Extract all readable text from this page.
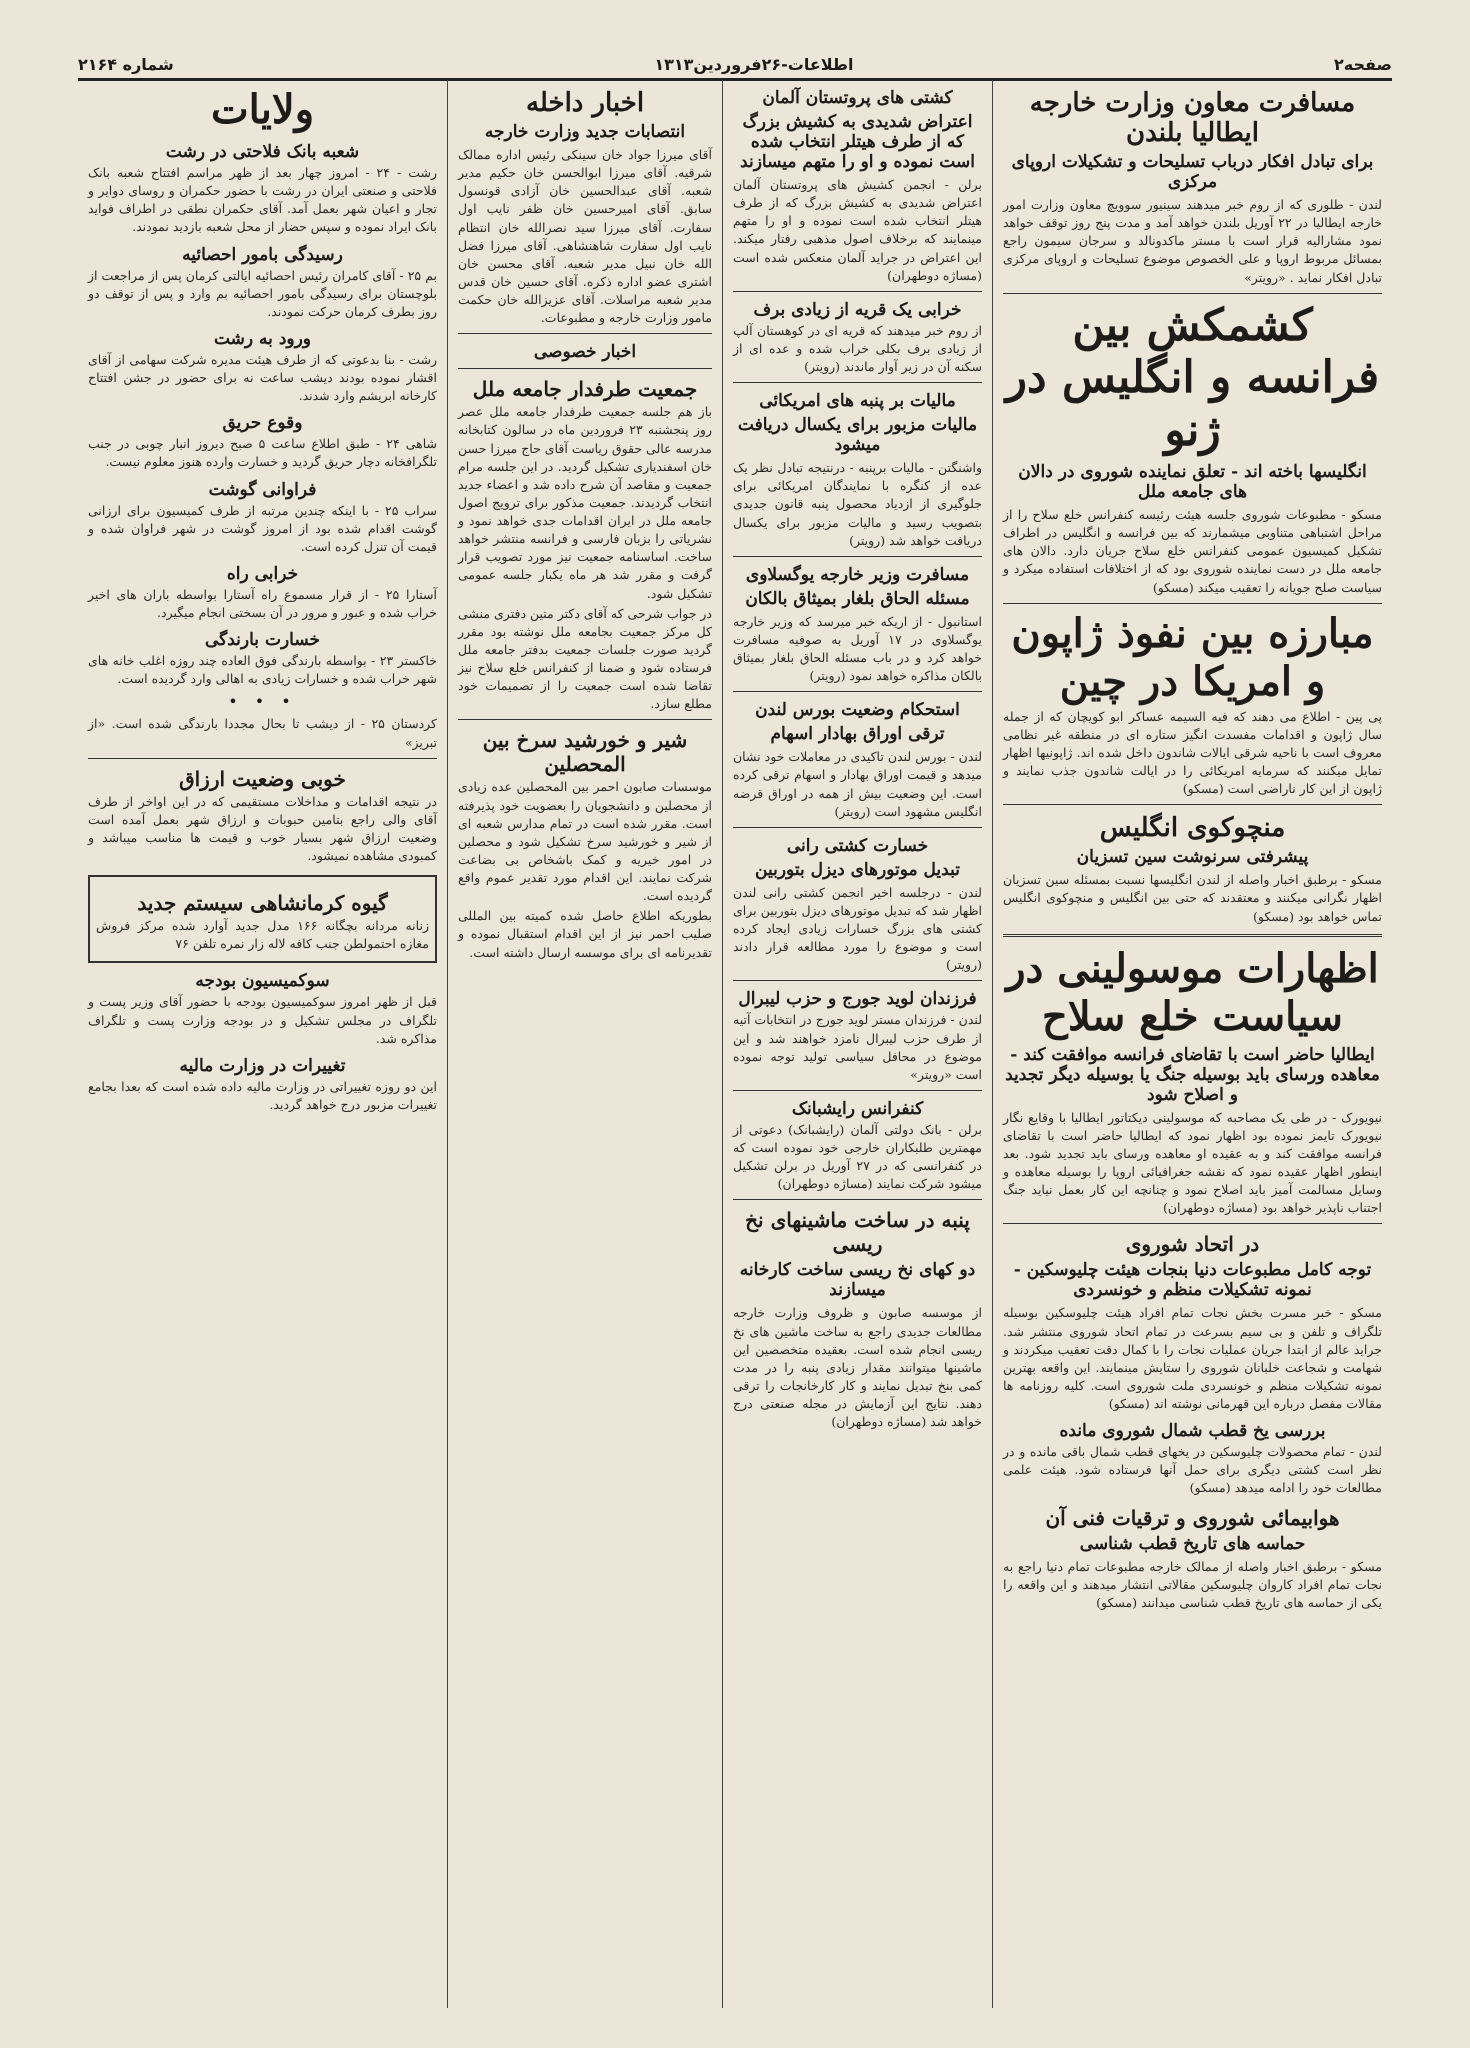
صفحه۲
اطلاعات-۲۶فروردین۱۳۱۳
شماره ۲۱۶۴
مسافرت معاون وزارت خارجه ایطالیا بلندن
برای تبادل افکار درباب تسلیحات و تشکیلات اروپای مرکزی

لندن - طلوری که از روم خبر میدهند سینیور سوویچ معاون وزارت امور خارجه ایطالیا در ۲۲ آوریل بلندن خواهد آمد و مدت پنج روز توقف خواهد نمود مشارالیه قرار است با مستر ماکدونالد و سرجان سیمون راجع بمسائل مربوط اروپا و علی الخصوص موضوع تسلیحات و اروپای مرکزی تبادل افکار نماید . «رویتر»

کشمکش بین فرانسه و انگلیس در ژنو
انگلیسها باخته اند - تعلق نماینده شوروی در دالان های جامعه ملل

مسکو - مطبوعات شوروی جلسه هیئت رئیسه کنفرانس خلع سلاح را از مراحل اشتباهی متناوبی میشمارند که بین فرانسه و انگلیس در اطراف تشکیل کمیسیون عمومی کنفرانس خلع سلاح جریان دارد. دالان های جامعه ملل در دست نماینده شوروی بود که از اختلافات استفاده میکرد و سیاست صلح جویانه را تعقیب میکند (مسکو)

مبارزه بین نفوذ ژاپون و امریکا در چین

پی پین - اطلاع می دهند که فیه السیمه عساکر ابو کویچان که از جمله سال ژاپون و اقدامات مفسدت انگیز ستاره ای در منطقه غیر نظامی معروف است با ناحیه شرقی ایالات شاندون داخل شده اند. ژاپونیها اظهار تمایل میکنند که سرمایه امریکائی را در ایالت شاندون جذب نمایند و ژاپون از این کار ناراضی است (مسکو)

منچوکوی انگلیس
پیشرفتی سرنوشت سین تسزیان

مسکو - برطبق اخبار واصله از لندن انگلیسها نسبت بمسئله سین تسزیان اظهار نگرانی میکنند و معتقدند که حتی بین انگلیس و منچوکوی انگلیس تماس خواهد بود (مسکو)

اظهارات موسولینی در سیاست خلع سلاح
ایطالیا حاضر است با تقاضای فرانسه موافقت کند - معاهده ورسای باید بوسیله جنگ یا بوسیله دیگر تجدید و اصلاح شود

نیویورک - در طی یک مصاحبه که موسولینی دیکتاتور ایطالیا با وقایع نگار نیویورک تایمز نموده بود اظهار نمود که ایطالیا حاضر است با تقاضای فرانسه موافقت کند و به عقیده او معاهده ورسای باید تجدید شود. بعد اینطور اظهار عقیده نمود که نقشه جغرافیائی اروپا را بوسیله معاهده و وسایل مسالمت آمیز باید اصلاح نمود و چنانچه این کار بعمل نیاید جنگ اجتناب ناپذیر خواهد بود (مساژه دوطهران)

در اتحاد شوروی
توجه کامل مطبوعات دنیا بنجات هیئت چلیوسکین - نمونه تشکیلات منظم و خونسردی

مسکو - خبر مسرت بخش نجات تمام افراد هیئت چلیوسکین بوسیله تلگراف و تلفن و بی سیم بسرعت در تمام اتحاد شوروی منتشر شد. جراید عالم از ابتدا جریان عملیات نجات را با کمال دقت تعقیب میکردند و شهامت و شجاعت خلبانان شوروی را ستایش مینمایند. این واقعه بهترین نمونه تشکیلات منظم و خونسردی ملت شوروی است. کلیه روزنامه ها مقالات مفصل درباره این قهرمانی نوشته اند (مسکو)

بررسی یخ قطب شمال شوروی مانده

لندن - تمام محصولات چلیوسکین در یخهای قطب شمال باقی مانده و در نظر است کشتی دیگری برای حمل آنها فرستاده شود. هیئت علمی مطالعات خود را ادامه میدهد (مسکو)

هوابیمائی شوروی و ترقیات فنی آن
حماسه های تاریخ قطب شناسی

مسکو - برطبق اخبار واصله از ممالک خارجه مطبوعات تمام دنیا راجع به نجات تمام افراد کاروان چلیوسکین مقالاتی انتشار میدهند و این واقعه را یکی از حماسه های تاریخ قطب شناسی میدانند (مسکو)

کشتی های پروتستان آلمان
اعتراض شدیدی به کشیش بزرگ که از طرف هیتلر انتخاب شده است نموده و او را متهم میسازند

برلن - انجمن کشیش های پروتستان آلمان اعتراض شدیدی به کشیش بزرگ که از طرف هیتلر انتخاب شده است نموده و او را متهم مینمایند که برخلاف اصول مذهبی رفتار میکند. این اعتراض در جراید آلمان منعکس شده است (مساژه دوطهران)

خرابی یک قریه از زیادی برف

از روم خبر میدهند که قریه ای در کوهستان آلپ از زیادی برف بکلی خراب شده و عده ای از سکنه آن در زیر آوار ماندند (رویتر)

مالیات بر پنبه های امریکائی
مالیات مزبور برای یکسال دریافت میشود

واشنگتن - مالیات برپنبه - درنتیجه تبادل نظر یک عده از کنگره با نمایندگان امریکائی برای جلوگیری از ازدیاد محصول پنبه قانون جدیدی بتصویب رسید و مالیات مزبور برای یکسال دریافت خواهد شد (رویتر)

مسافرت وزیر خارجه یوگسلاوی
مسئله الحاق بلغار بمیثاق بالکان

استانبول - از اریکه خبر میرسد که وزیر خارجه یوگسلاوی در ۱۷ آوریل به صوفیه مسافرت خواهد کرد و در باب مسئله الحاق بلغار بمیثاق بالکان مذاکره خواهد نمود (رویتر)

استحکام وضعیت بورس لندن
ترقی اوراق بهادار اسهام

لندن - بورس لندن تاکیدی در معاملات خود نشان میدهد و قیمت اوراق بهادار و اسهام ترقی کرده است. این وضعیت بیش از همه در اوراق قرضه انگلیس مشهود است (رویتر)

خسارت کشتی رانی
تبدیل موتورهای دیزل بتوربین

لندن - درجلسه اخیر انجمن کشتی رانی لندن اظهار شد که تبدیل موتورهای دیزل بتوربین برای کشتی های بزرگ خسارات زیادی ایجاد کرده است و موضوع را مورد مطالعه قرار دادند (رویتر)

فرزندان لوید جورج و حزب لیبرال

لندن - فرزندان مستر لوید جورج در انتخابات آتیه از طرف حزب لیبرال نامزد خواهند شد و این موضوع در محافل سیاسی تولید توجه نموده است «رویتر»

کنفرانس رایشبانک

برلن - بانک دولتی آلمان (رایشبانک) دعوتی از مهمترین طلبکاران خارجی خود نموده است که در کنفرانسی که در ۲۷ آوریل در برلن تشکیل میشود شرکت نمایند (مساژه دوطهران)

پنبه در ساخت ماشینهای نخ ریسی
دو کهای نخ ریسی ساخت کارخانه میسازند

از موسسه صابون و ظروف وزارت خارجه مطالعات جدیدی راجع به ساخت ماشین های نخ ریسی انجام شده است. بعقیده متخصصین این ماشینها میتوانند مقدار زیادی پنبه را در مدت کمی بنخ تبدیل نمایند و کار کارخانجات را ترقی دهند. نتایج این آزمایش در مجله صنعتی درج خواهد شد (مساژه دوطهران)

اخبار داخله
انتصابات جدید وزارت خارجه

آقای میرزا جواد خان سینکی رئیس اداره ممالک شرقیه. آقای میرزا ابوالحسن خان حکیم مدیر شعبه. آقای عبدالحسین خان آزادی قونسول سابق. آقای امیرحسین خان ظفر نایب اول سفارت. آقای میرزا سید نصرالله خان انتظام نایب اول سفارت شاهنشاهی. آقای میرزا فضل الله خان نبیل مدیر شعبه. آقای محسن خان اشتری عضو اداره ذکره. آقای حسین خان قدس مدیر شعبه مراسلات. آقای عزیزالله خان حکمت مامور وزارت خارجه و مطبوعات.

اخبار خصوصی
جمعیت طرفدار جامعه ملل

باز هم جلسه جمعیت طرفدار جامعه ملل عصر روز پنجشنبه ۲۳ فروردین ماه در سالون کتابخانه مدرسه عالی حقوق ریاست آقای حاج میرزا حسن خان اسفندیاری تشکیل گردید. در این جلسه مرام جمعیت و مقاصد آن شرح داده شد و اعضاء جدید انتخاب گردیدند. جمعیت مذکور برای ترویج اصول جامعه ملل در ایران اقدامات جدی خواهد نمود و نشریاتی را بزبان فارسی و فرانسه منتشر خواهد ساخت. اساسنامه جمعیت نیز مورد تصویب قرار گرفت و مقرر شد هر ماه یکبار جلسه عمومی تشکیل شود.

در جواب شرحی که آقای دکتر متین دفتری منشی کل مرکز جمعیت بجامعه ملل نوشته بود مقرر گردید صورت جلسات جمعیت بدفتر جامعه ملل فرستاده شود و ضمنا از کنفرانس خلع سلاح نیز تقاضا شده است جمعیت را از تصمیمات خود مطلع سازد.

شیر و خورشید سرخ بین المحصلین

موسسات صابون احمر بین المحصلین عده زیادی از محصلین و دانشجویان را بعضویت خود پذیرفته است. مقرر شده است در تمام مدارس شعبه ای از شیر و خورشید سرخ تشکیل شود و محصلین در امور خیریه و کمک باشخاص بی بضاعت شرکت نمایند. این اقدام مورد تقدیر عموم واقع گردیده است.

بطوریکه اطلاع حاصل شده کمیته بین المللی صلیب احمر نیز از این اقدام استقبال نموده و تقدیرنامه ای برای موسسه ارسال داشته است.

ولایات
شعبه بانک فلاحتی در رشت

رشت - ۲۴ - امروز چهار بعد از ظهر مراسم افتتاح شعبه بانک فلاحتی و صنعتی ایران در رشت با حضور حکمران و روسای دوایر و تجار و اعیان شهر بعمل آمد. آقای حکمران نطقی در اطراف فواید بانک ایراد نموده و سپس حضار از محل شعبه بازدید نمودند.

رسیدگی بامور احصائیه

بم ۲۵ - آقای کامران رئیس احصائیه ایالتی کرمان پس از مراجعت از بلوچستان برای رسیدگی بامور احصائیه بم وارد و پس از توقف دو روز بطرف کرمان حرکت نمودند.

ورود به رشت

رشت - بنا بدعوتی که از طرف هیئت مدیره شرکت سهامی از آقای اقشار نموده بودند دیشب ساعت نه برای حضور در جشن افتتاح کارخانه ابریشم وارد شدند.

وقوع حریق

شاهی ۲۴ - طبق اطلاع ساعت ۵ صبح دیروز انبار چوبی در جنب تلگرافخانه دچار حریق گردید و خسارت وارده هنوز معلوم نیست.

فراوانی گوشت

سراب ۲۵ - با اینکه چندین مرتبه از طرف کمیسیون برای ارزانی گوشت اقدام شده بود از امروز گوشت در شهر فراوان شده و قیمت آن تنزل کرده است.

خرابی راه

آستارا ۲۵ - از قرار مسموع راه آستارا بواسطه باران های اخیر خراب شده و عبور و مرور در آن بسختی انجام میگیرد.

خسارت بارندگی

خاکستر ۲۳ - بواسطه بارندگی فوق العاده چند روزه اغلب خانه های شهر خراب شده و خسارات زیادی به اهالی وارد گردیده است.

• • •

کردستان ۲۵ - از دیشب تا بحال مجددا بارندگی شده است. «از تبریز»

خوبی وضعیت ارزاق

در نتیجه اقدامات و مداخلات مستقیمی که در این اواخر از طرف آقای والی راجع بتامین حبوبات و ارزاق شهر بعمل آمده است وضعیت ارزاق شهر بسیار خوب و قیمت ها مناسب میباشد و کمبودی مشاهده نمیشود.

گیوه کرمانشاهی سیستم جدید

زنانه مردانه بچگانه ۱۶۶ مدل جدید آوارد شده مرکز فروش مغازه احتمولطن جنب کافه لاله زار نمره تلفن ۷۶

سوکمیسیون بودجه

قبل از ظهر امروز سوکمیسیون بودجه با حضور آقای وزیر پست و تلگراف در مجلس تشکیل و در بودجه وزارت پست و تلگراف مذاکره شد.

تغییرات در وزارت مالیه

این دو روزه تغییراتی در وزارت مالیه داده شده است که بعدا بجامع تغییرات مزبور درج خواهد گردید.
